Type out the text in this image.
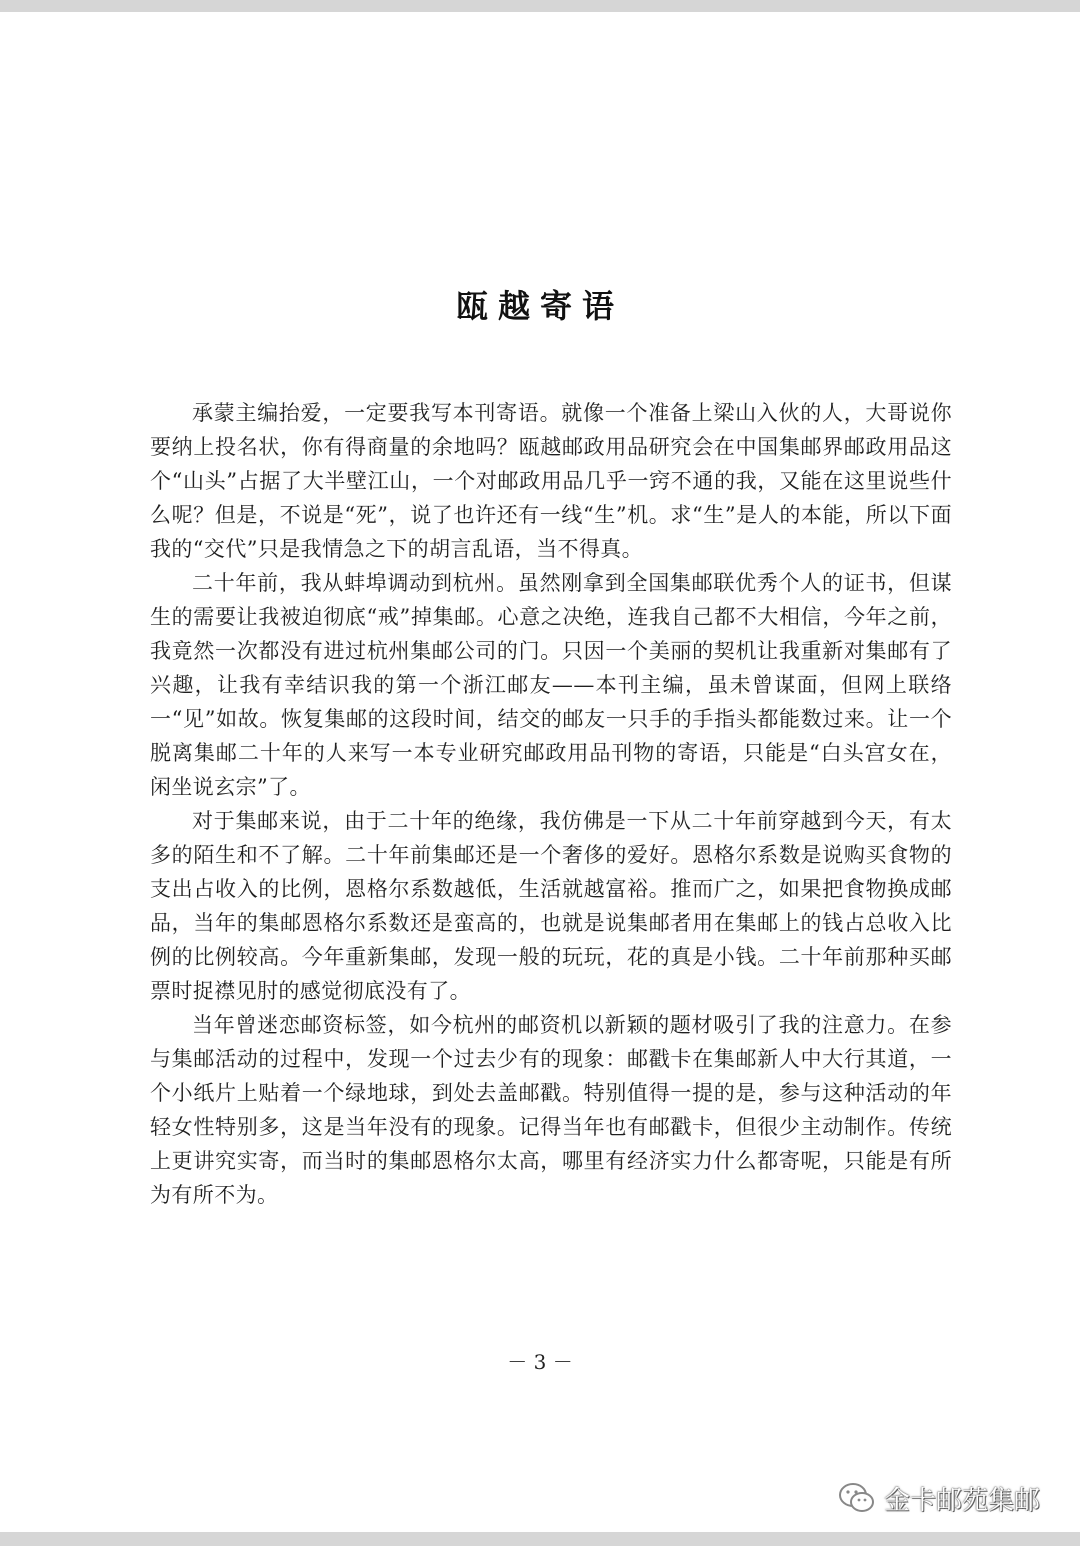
瓯越寄语

承蒙主编抬爱，一定要我写本刊寄语。就像一个准备上梁山入伙的人，大哥说你要纳上投名状，你有得商量的余地吗？瓯越邮政用品研究会在中国集邮界邮政用品这个“山头”占据了大半壁江山，一个对邮政用品几乎一窍不通的我，又能在这里说些什么呢？但是，不说是“死”，说了也许还有一线“生”机。求“生”是人的本能，所以下面我的“交代”只是我情急之下的胡言乱语，当不得真。

二十年前，我从蚌埠调动到杭州。虽然刚拿到全国集邮联优秀个人的证书，但谋生的需要让我被迫彻底“戒”掉集邮。心意之决绝，连我自己都不大相信，今年之前，我竟然一次都没有进过杭州集邮公司的门。只因一个美丽的契机让我重新对集邮有了兴趣，让我有幸结识我的第一个浙江邮友——本刊主编，虽未曾谋面，但网上联络一“见”如故。恢复集邮的这段时间，结交的邮友一只手的手指头都能数过来。让一个脱离集邮二十年的人来写一本专业研究邮政用品刊物的寄语，只能是“白头宫女在，闲坐说玄宗”了。

对于集邮来说，由于二十年的绝缘，我仿佛是一下从二十年前穿越到今天，有太多的陌生和不了解。二十年前集邮还是一个奢侈的爱好。恩格尔系数是说购买食物的支出占收入的比例，恩格尔系数越低，生活就越富裕。推而广之，如果把食物换成邮品，当年的集邮恩格尔系数还是蛮高的，也就是说集邮者用在集邮上的钱占总收入比例的比例较高。今年重新集邮，发现一般的玩玩，花的真是小钱。二十年前那种买邮票时捉襟见肘的感觉彻底没有了。

当年曾迷恋邮资标签，如今杭州的邮资机以新颖的题材吸引了我的注意力。在参与集邮活动的过程中，发现一个过去少有的现象：邮戳卡在集邮新人中大行其道，一个小纸片上贴着一个绿地球，到处去盖邮戳。特别值得一提的是，参与这种活动的年轻女性特别多，这是当年没有的现象。记得当年也有邮戳卡，但很少主动制作。传统上更讲究实寄，而当时的集邮恩格尔太高，哪里有经济实力什么都寄呢，只能是有所为有所不为。

－ 3 －
金卡邮苑集邮
